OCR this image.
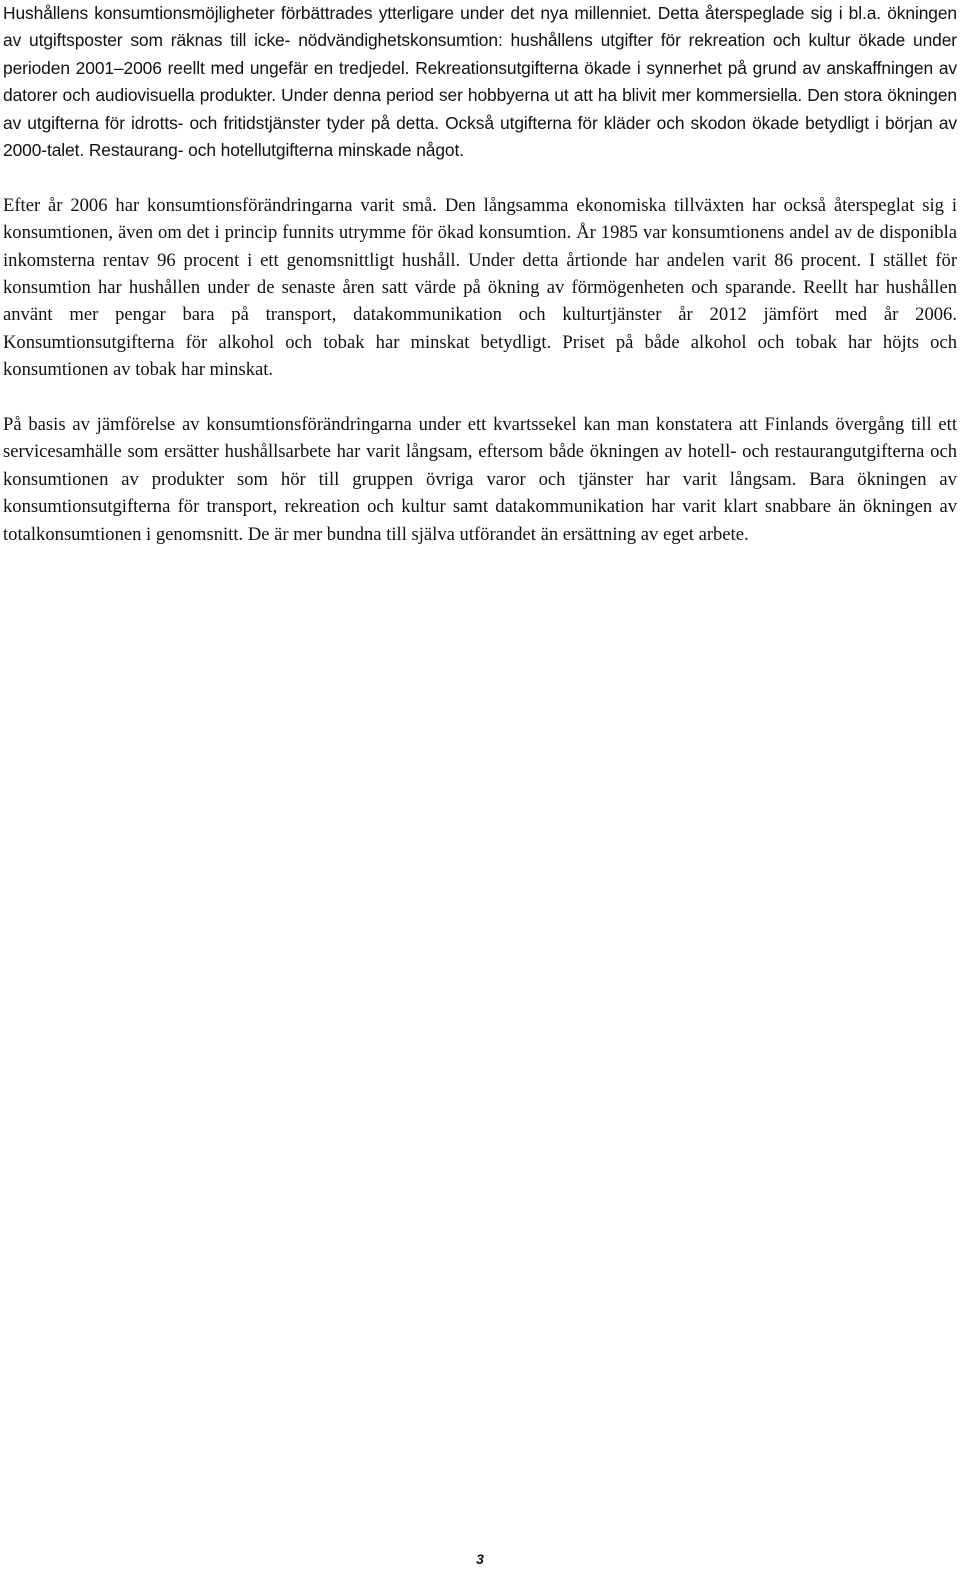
Hushållens konsumtionsmöjligheter förbättrades ytterligare under det nya millenniet. Detta återspeglade sig i bl.a. ökningen av utgiftsposter som räknas till icke- nödvändighetskonsumtion: hushållens utgifter för rekreation och kultur ökade under perioden 2001–2006 reellt med ungefär en tredjedel. Rekreationsutgifterna ökade i synnerhet på grund av anskaffningen av datorer och audiovisuella produkter. Under denna period ser hobbyerna ut att ha blivit mer kommersiella. Den stora ökningen av utgifterna för idrotts- och fritidstjänster tyder på detta. Också utgifterna för kläder och skodon ökade betydligt i början av 2000-talet. Restaurang- och hotellutgifterna minskade något.

Efter år 2006 har konsumtionsförändringarna varit små. Den långsamma ekonomiska tillväxten har också återspeglat sig i konsumtionen, även om det i princip funnits utrymme för ökad konsumtion. År 1985 var konsumtionens andel av de disponibla inkomsterna rentav 96 procent i ett genomsnittligt hushåll. Under detta årtionde har andelen varit 86 procent. I stället för konsumtion har hushållen under de senaste åren satt värde på ökning av förmögenheten och sparande. Reellt har hushållen använt mer pengar bara på transport, datakommunikation och kulturtjänster år 2012 jämfört med år 2006. Konsumtionsutgifterna för alkohol och tobak har minskat betydligt. Priset på både alkohol och tobak har höjts och konsumtionen av tobak har minskat.

På basis av jämförelse av konsumtionsförändringarna under ett kvartssekel kan man konstatera att Finlands övergång till ett servicesamhälle som ersätter hushållsarbete har varit långsam, eftersom både ökningen av hotell- och restaurangutgifterna och konsumtionen av produkter som hör till gruppen övriga varor och tjänster har varit långsam. Bara ökningen av konsumtionsutgifterna för transport, rekreation och kultur samt datakommunikation har varit klart snabbare än ökningen av totalkonsumtionen i genomsnitt. De är mer bundna till själva utförandet än ersättning av eget arbete.

3
